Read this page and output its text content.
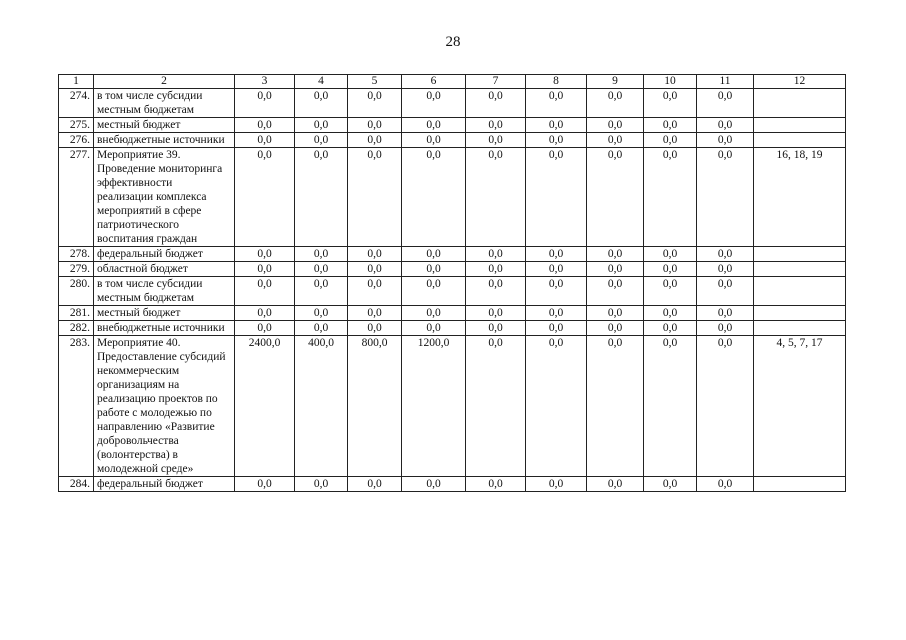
28
1	2	3	4	5	6	7	8	9	10	11	12
274.	в том числе субсидии местным бюджетам	0,0	0,0	0,0	0,0	0,0	0,0	0,0	0,0	0,0	
275.	местный бюджет	0,0	0,0	0,0	0,0	0,0	0,0	0,0	0,0	0,0	
276.	внебюджетные источники	0,0	0,0	0,0	0,0	0,0	0,0	0,0	0,0	0,0	
277.	Мероприятие 39. Проведение мониторинга эффективности реализации комплекса мероприятий в сфере патриотического воспитания граждан	0,0	0,0	0,0	0,0	0,0	0,0	0,0	0,0	0,0	16, 18, 19
278.	федеральный бюджет	0,0	0,0	0,0	0,0	0,0	0,0	0,0	0,0	0,0	
279.	областной бюджет	0,0	0,0	0,0	0,0	0,0	0,0	0,0	0,0	0,0	
280.	в том числе субсидии местным бюджетам	0,0	0,0	0,0	0,0	0,0	0,0	0,0	0,0	0,0	
281.	местный бюджет	0,0	0,0	0,0	0,0	0,0	0,0	0,0	0,0	0,0	
282.	внебюджетные источники	0,0	0,0	0,0	0,0	0,0	0,0	0,0	0,0	0,0	
283.	Мероприятие 40. Предоставление субсидий некоммерческим организациям на реализацию проектов по работе с молодежью по направлению «Развитие добровольчества (волонтерства) в молодежной среде»	2400,0	400,0	800,0	1200,0	0,0	0,0	0,0	0,0	0,0	4, 5, 7, 17
284.	федеральный бюджет	0,0	0,0	0,0	0,0	0,0	0,0	0,0	0,0	0,0	
